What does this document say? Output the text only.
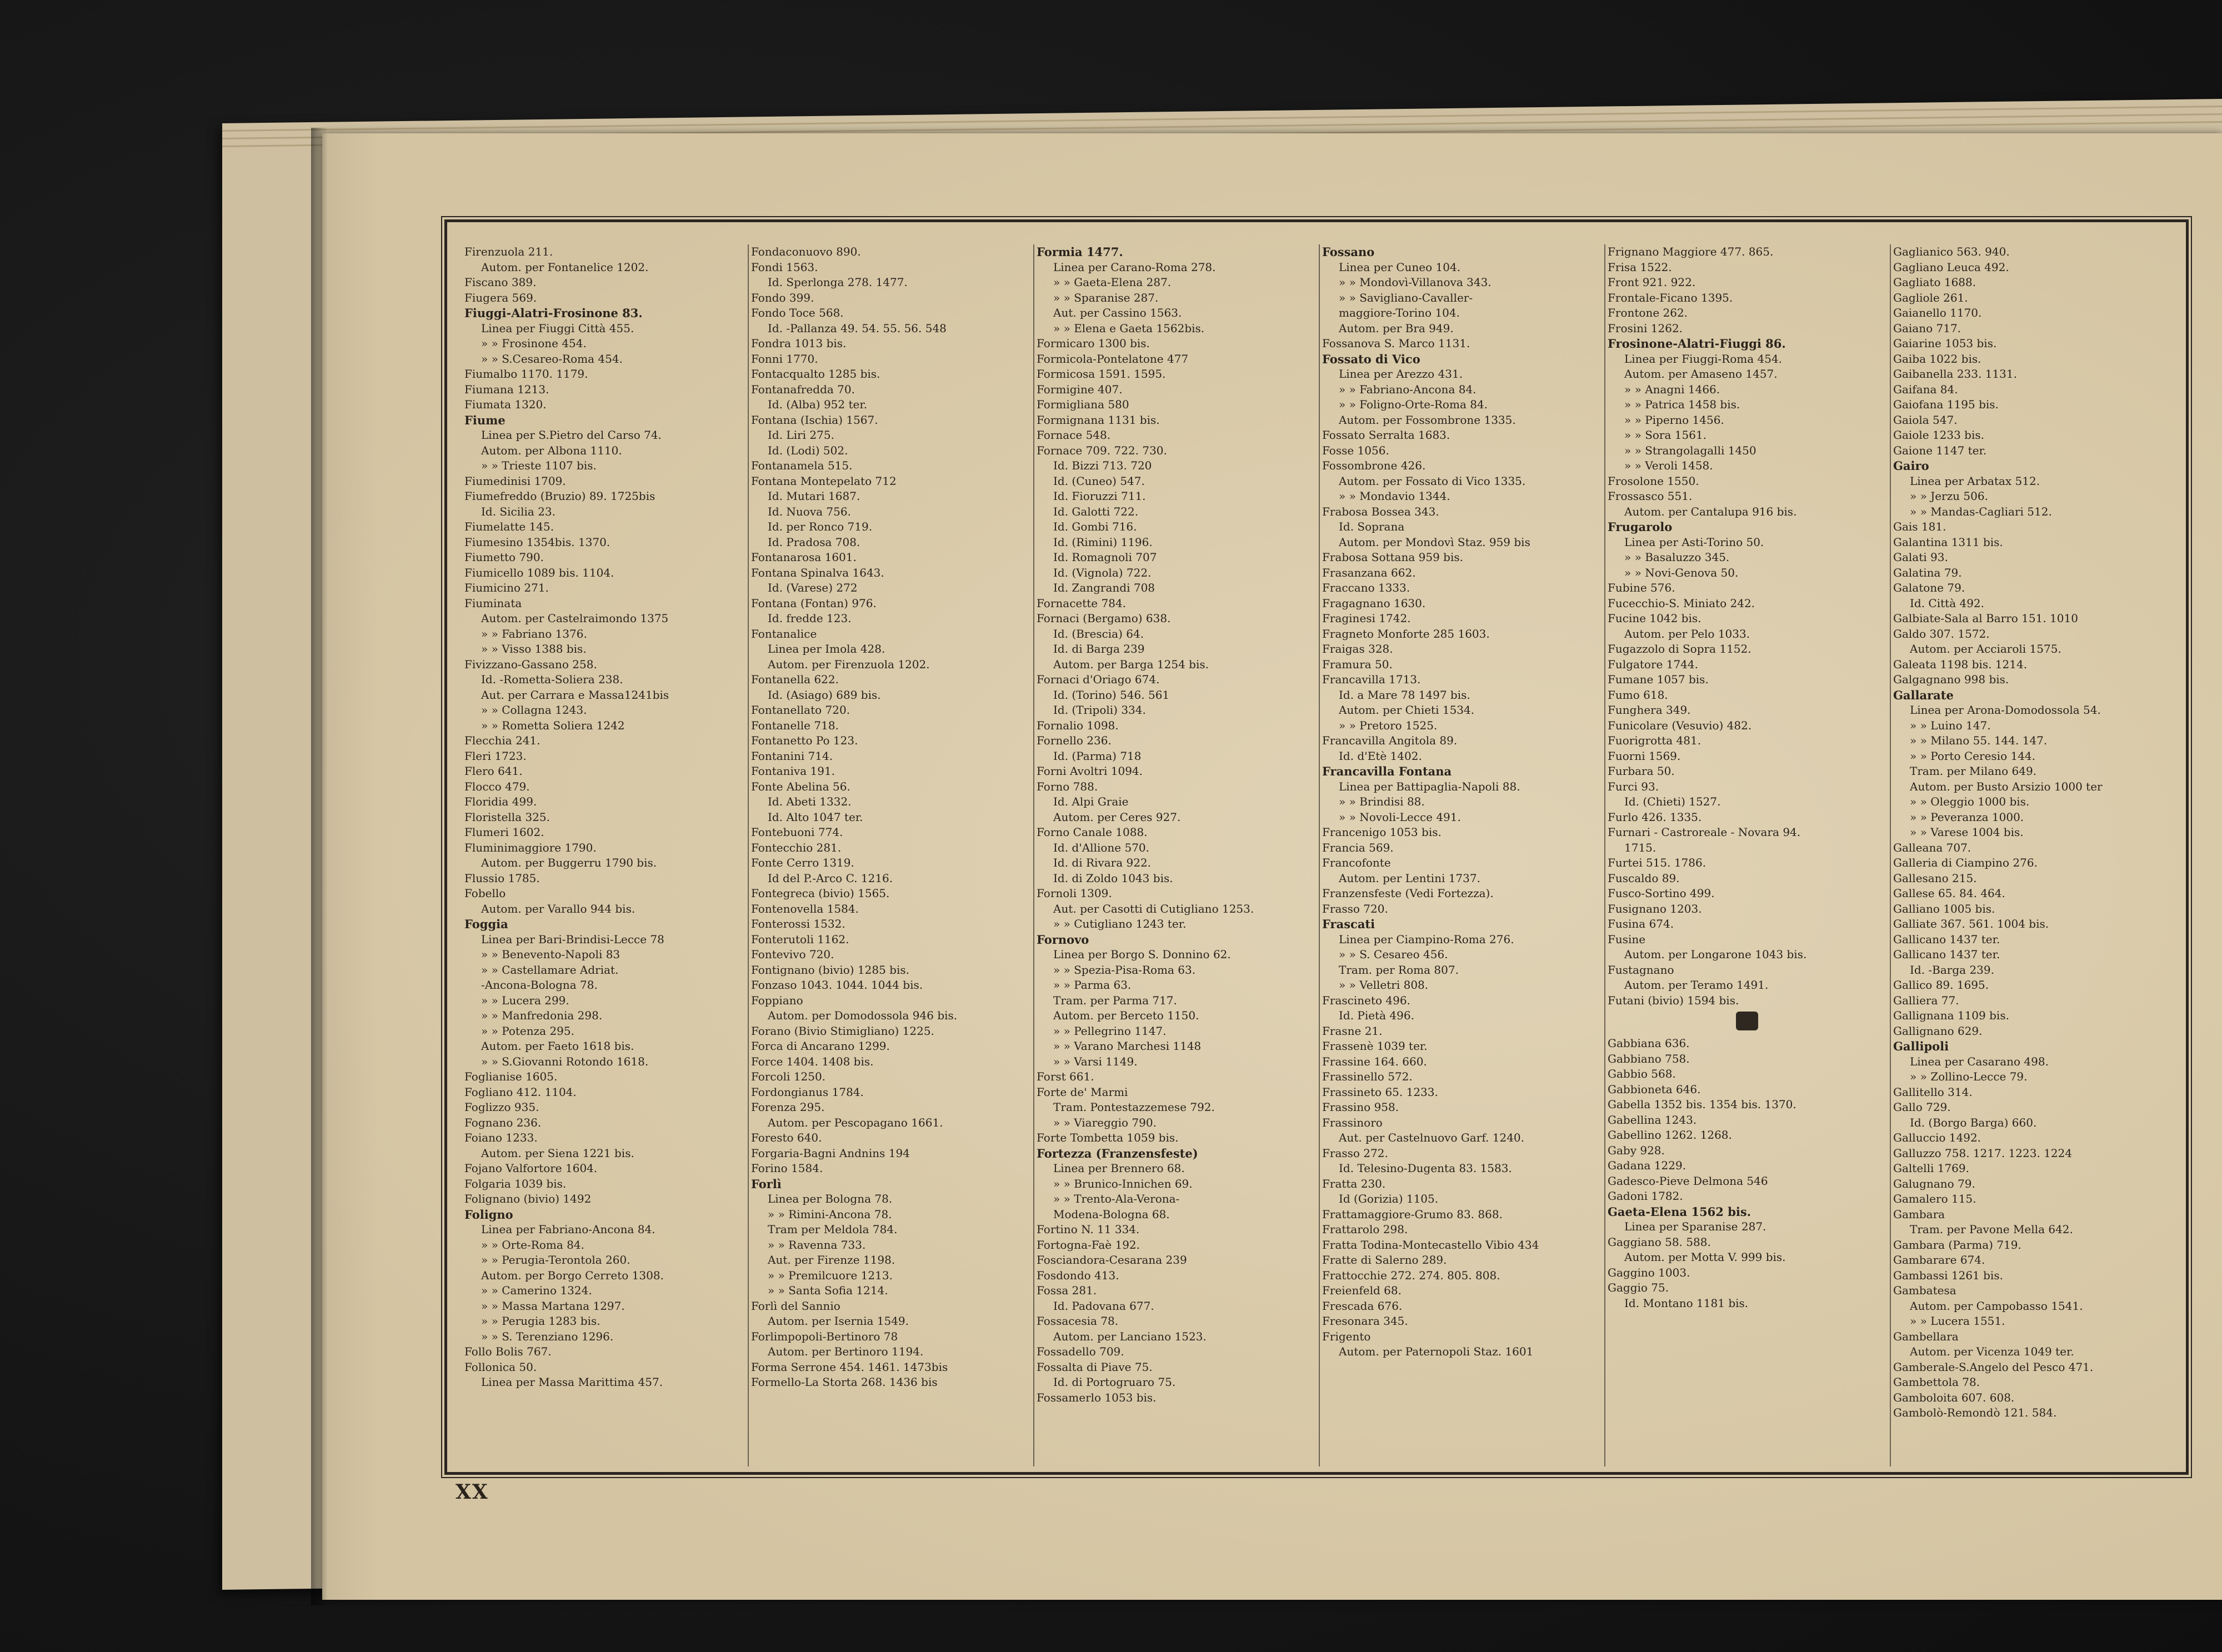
Firenzuola 211.
Autom. per Fontanelice 1202.
Fiscano 389.
Fiugera 569.
Fiuggi-Alatri-Frosinone 83.
Linea per Fiuggi Città 455.
» » Frosinone 454.
» » S.Cesareo-Roma 454.
Fiumalbo 1170. 1179.
Fiumana 1213.
Fiumata 1320.
Fiume
Linea per S.Pietro del Carso 74.
Autom. per Albona 1110.
» » Trieste 1107 bis.
Fiumedinisi 1709.
Fiumefreddo (Bruzio) 89. 1725bis
Id. Sicilia 23.
Fiumelatte 145.
Fiumesino 1354bis. 1370.
Fiumetto 790.
Fiumicello 1089 bis. 1104.
Fiumicino 271.
Fiuminata
Autom. per Castelraimondo 1375
» » Fabriano 1376.
» » Visso 1388 bis.
Fivizzano-Gassano 258.
Id. -Rometta-Soliera 238.
Aut. per Carrara e Massa1241bis
» » Collagna 1243.
» » Rometta Soliera 1242
Flecchia 241.
Fleri 1723.
Flero 641.
Flocco 479.
Floridia 499.
Floristella 325.
Flumeri 1602.
Fluminimaggiore 1790.
Autom. per Buggerru 1790 bis.
Flussio 1785.
Fobello
Autom. per Varallo 944 bis.
Foggia
Linea per Bari-Brindisi-Lecce 78
» » Benevento-Napoli 83
» » Castellamare Adriat.
-Ancona-Bologna 78.
» » Lucera 299.
» » Manfredonia 298.
» » Potenza 295.
Autom. per Faeto 1618 bis.
» » S.Giovanni Rotondo 1618.
Foglianise 1605.
Fogliano 412. 1104.
Foglizzo 935.
Fognano 236.
Foiano 1233.
Autom. per Siena 1221 bis.
Fojano Valfortore 1604.
Folgaria 1039 bis.
Folignano (bivio) 1492
Foligno
Linea per Fabriano-Ancona 84.
» » Orte-Roma 84.
» » Perugia-Terontola 260.
Autom. per Borgo Cerreto 1308.
» » Camerino 1324.
» » Massa Martana 1297.
» » Perugia 1283 bis.
» » S. Terenziano 1296.
Follo Bolis 767.
Follonica 50.
Linea per Massa Marittima 457.
Fondaconuovo 890.
Fondi 1563.
Id. Sperlonga 278. 1477.
Fondo 399.
Fondo Toce 568.
Id. -Pallanza 49. 54. 55. 56. 548
Fondra 1013 bis.
Fonni 1770.
Fontacqualto 1285 bis.
Fontanafredda 70.
Id. (Alba) 952 ter.
Fontana (Ischia) 1567.
Id. Liri 275.
Id. (Lodi) 502.
Fontanamela 515.
Fontana Montepelato 712
Id. Mutari 1687.
Id. Nuova 756.
Id. per Ronco 719.
Id. Pradosa 708.
Fontanarosa 1601.
Fontana Spinalva 1643.
Id. (Varese) 272
Fontana (Fontan) 976.
Id. fredde 123.
Fontanalice
Linea per Imola 428.
Autom. per Firenzuola 1202.
Fontanella 622.
Id. (Asiago) 689 bis.
Fontanellato 720.
Fontanelle 718.
Fontanetto Po 123.
Fontanini 714.
Fontaniva 191.
Fonte Abelina 56.
Id. Abeti 1332.
Id. Alto 1047 ter.
Fontebuoni 774.
Fontecchio 281.
Fonte Cerro 1319.
Id del P.-Arco C. 1216.
Fontegreca (bivio) 1565.
Fontenovella 1584.
Fonterossi 1532.
Fonterutoli 1162.
Fontevivo 720.
Fontignano (bivio) 1285 bis.
Fonzaso 1043. 1044. 1044 bis.
Foppiano
Autom. per Domodossola 946 bis.
Forano (Bivio Stimigliano) 1225.
Forca di Ancarano 1299.
Force 1404. 1408 bis.
Forcoli 1250.
Fordongianus 1784.
Forenza 295.
Autom. per Pescopagano 1661.
Foresto 640.
Forgaria-Bagni Andnins 194
Forino 1584.
Forlì
Linea per Bologna 78.
» » Rimini-Ancona 78.
Tram per Meldola 784.
» » Ravenna 733.
Aut. per Firenze 1198.
» » Premilcuore 1213.
» » Santa Sofia 1214.
Forlì del Sannio
Autom. per Isernia 1549.
Forlimpopoli-Bertinoro 78
Autom. per Bertinoro 1194.
Forma Serrone 454. 1461. 1473bis
Formello-La Storta 268. 1436 bis
Formia 1477.
Linea per Carano-Roma 278.
» » Gaeta-Elena 287.
» » Sparanise 287.
Aut. per Cassino 1563.
» » Elena e Gaeta 1562bis.
Formicaro 1300 bis.
Formicola-Pontelatone 477
Formicosa 1591. 1595.
Formigine 407.
Formigliana 580
Formignana 1131 bis.
Fornace 548.
Fornace 709. 722. 730.
Id. Bizzi 713. 720
Id. (Cuneo) 547.
Id. Fioruzzi 711.
Id. Galotti 722.
Id. Gombi 716.
Id. (Rimini) 1196.
Id. Romagnoli 707
Id. (Vignola) 722.
Id. Zangrandi 708
Fornacette 784.
Fornaci (Bergamo) 638.
Id. (Brescia) 64.
Id. di Barga 239
Autom. per Barga 1254 bis.
Fornaci d'Oriago 674.
Id. (Torino) 546. 561
Id. (Tripoli) 334.
Fornalio 1098.
Fornello 236.
Id. (Parma) 718
Forni Avoltri 1094.
Forno 788.
Id. Alpi Graie
Autom. per Ceres 927.
Forno Canale 1088.
Id. d'Allione 570.
Id. di Rivara 922.
Id. di Zoldo 1043 bis.
Fornoli 1309.
Aut. per Casotti di Cutigliano 1253.
» » Cutigliano 1243 ter.
Fornovo
Linea per Borgo S. Donnino 62.
» » Spezia-Pisa-Roma 63.
» » Parma 63.
Tram. per Parma 717.
Autom. per Berceto 1150.
» » Pellegrino 1147.
» » Varano Marchesi 1148
» » Varsi 1149.
Forst 661.
Forte de' Marmi
Tram. Pontestazzemese 792.
» » Viareggio 790.
Forte Tombetta 1059 bis.
Fortezza (Franzensfeste)
Linea per Brennero 68.
» » Brunico-Innichen 69.
» » Trento-Ala-Verona-
Modena-Bologna 68.
Fortino N. 11 334.
Fortogna-Faè 192.
Fosciandora-Cesarana 239
Fosdondo 413.
Fossa 281.
Id. Padovana 677.
Fossacesia 78.
Autom. per Lanciano 1523.
Fossadello 709.
Fossalta di Piave 75.
Id. di Portogruaro 75.
Fossamerlo 1053 bis.
Fossano
Linea per Cuneo 104.
» » Mondovì-Villanova 343.
» » Savigliano-Cavaller-
maggiore-Torino 104.
Autom. per Bra 949.
Fossanova S. Marco 1131.
Fossato di Vico
Linea per Arezzo 431.
» » Fabriano-Ancona 84.
» » Foligno-Orte-Roma 84.
Autom. per Fossombrone 1335.
Fossato Serralta 1683.
Fosse 1056.
Fossombrone 426.
Autom. per Fossato di Vico 1335.
» » Mondavio 1344.
Frabosa Bossea 343.
Id. Soprana
Autom. per Mondovì Staz. 959 bis
Frabosa Sottana 959 bis.
Frasanzana 662.
Fraccano 1333.
Fragagnano 1630.
Fraginesi 1742.
Fragneto Monforte 285 1603.
Fraigas 328.
Framura 50.
Francavilla 1713.
Id. a Mare 78 1497 bis.
Autom. per Chieti 1534.
» » Pretoro 1525.
Francavilla Angitola 89.
Id. d'Etè 1402.
Francavilla Fontana
Linea per Battipaglia-Napoli 88.
» » Brindisi 88.
» » Novoli-Lecce 491.
Francenigo 1053 bis.
Francia 569.
Francofonte
Autom. per Lentini 1737.
Franzensfeste (Vedi Fortezza).
Frasso 720.
Frascati
Linea per Ciampino-Roma 276.
» » S. Cesareo 456.
Tram. per Roma 807.
» » Velletri 808.
Frascineto 496.
Id. Pietà 496.
Frasne 21.
Frassenè 1039 ter.
Frassine 164. 660.
Frassinello 572.
Frassineto 65. 1233.
Frassino 958.
Frassinoro
Aut. per Castelnuovo Garf. 1240.
Frasso 272.
Id. Telesino-Dugenta 83. 1583.
Fratta 230.
Id (Gorizia) 1105.
Frattamaggiore-Grumo 83. 868.
Frattarolo 298.
Fratta Todina-Montecastello Vibio 434
Fratte di Salerno 289.
Frattocchie 272. 274. 805. 808.
Freienfeld 68.
Frescada 676.
Fresonara 345.
Frigento
Autom. per Paternopoli Staz. 1601
Frignano Maggiore 477. 865.
Frisa 1522.
Front 921. 922.
Frontale-Ficano 1395.
Frontone 262.
Frosini 1262.
Frosinone-Alatri-Fiuggi 86.
Linea per Fiuggi-Roma 454.
Autom. per Amaseno 1457.
» » Anagni 1466.
» » Patrica 1458 bis.
» » Piperno 1456.
» » Sora 1561.
» » Strangolagalli 1450
» » Veroli 1458.
Frosolone 1550.
Frossasco 551.
Autom. per Cantalupa 916 bis.
Frugarolo
Linea per Asti-Torino 50.
» » Basaluzzo 345.
» » Novi-Genova 50.
Fubine 576.
Fucecchio-S. Miniato 242.
Fucine 1042 bis.
Autom. per Pelo 1033.
Fugazzolo di Sopra 1152.
Fulgatore 1744.
Fumane 1057 bis.
Fumo 618.
Funghera 349.
Funicolare (Vesuvio) 482.
Fuorigrotta 481.
Fuorni 1569.
Furbara 50.
Furci 93.
Id. (Chieti) 1527.
Furlo 426. 1335.
Furnari - Castroreale - Novara 94.
1715.
Furtei 515. 1786.
Fuscaldo 89.
Fusco-Sortino 499.
Fusignano 1203.
Fusina 674.
Fusine
Autom. per Longarone 1043 bis.
Fustagnano
Autom. per Teramo 1491.
Futani (bivio) 1594 bis.
Gabbiana 636.
Gabbiano 758.
Gabbio 568.
Gabbioneta 646.
Gabella 1352 bis. 1354 bis. 1370.
Gabellina 1243.
Gabellino 1262. 1268.
Gaby 928.
Gadana 1229.
Gadesco-Pieve Delmona 546
Gadoni 1782.
Gaeta-Elena 1562 bis.
Linea per Sparanise 287.
Gaggiano 58. 588.
Autom. per Motta V. 999 bis.
Gaggino 1003.
Gaggio 75.
Id. Montano 1181 bis.
Gaglianico 563. 940.
Gagliano Leuca 492.
Gagliato 1688.
Gagliole 261.
Gaianello 1170.
Gaiano 717.
Gaiarine 1053 bis.
Gaiba 1022 bis.
Gaibanella 233. 1131.
Gaifana 84.
Gaiofana 1195 bis.
Gaiola 547.
Gaiole 1233 bis.
Gaione 1147 ter.
Gairo
Linea per Arbatax 512.
» » Jerzu 506.
» » Mandas-Cagliari 512.
Gais 181.
Galantina 1311 bis.
Galati 93.
Galatina 79.
Galatone 79.
Id. Città 492.
Galbiate-Sala al Barro 151. 1010
Galdo 307. 1572.
Autom. per Acciaroli 1575.
Galeata 1198 bis. 1214.
Galgagnano 998 bis.
Gallarate
Linea per Arona-Domodossola 54.
» » Luino 147.
» » Milano 55. 144. 147.
» » Porto Ceresio 144.
Tram. per Milano 649.
Autom. per Busto Arsizio 1000 ter
» » Oleggio 1000 bis.
» » Peveranza 1000.
» » Varese 1004 bis.
Galleana 707.
Galleria di Ciampino 276.
Gallesano 215.
Gallese 65. 84. 464.
Galliano 1005 bis.
Galliate 367. 561. 1004 bis.
Gallicano 1437 ter.
Gallicano 1437 ter.
Id. -Barga 239.
Gallico 89. 1695.
Galliera 77.
Gallignana 1109 bis.
Gallignano 629.
Gallipoli
Linea per Casarano 498.
» » Zollino-Lecce 79.
Gallitello 314.
Gallo 729.
Id. (Borgo Barga) 660.
Galluccio 1492.
Galluzzo 758. 1217. 1223. 1224
Galtelli 1769.
Galugnano 79.
Gamalero 115.
Gambara
Tram. per Pavone Mella 642.
Gambara (Parma) 719.
Gambarare 674.
Gambassi 1261 bis.
Gambatesa
Autom. per Campobasso 1541.
» » Lucera 1551.
Gambellara
Autom. per Vicenza 1049 ter.
Gamberale-S.Angelo del Pesco 471.
Gambettola 78.
Gamboloita 607. 608.
Gambolò-Remondò 121. 584.
XX
